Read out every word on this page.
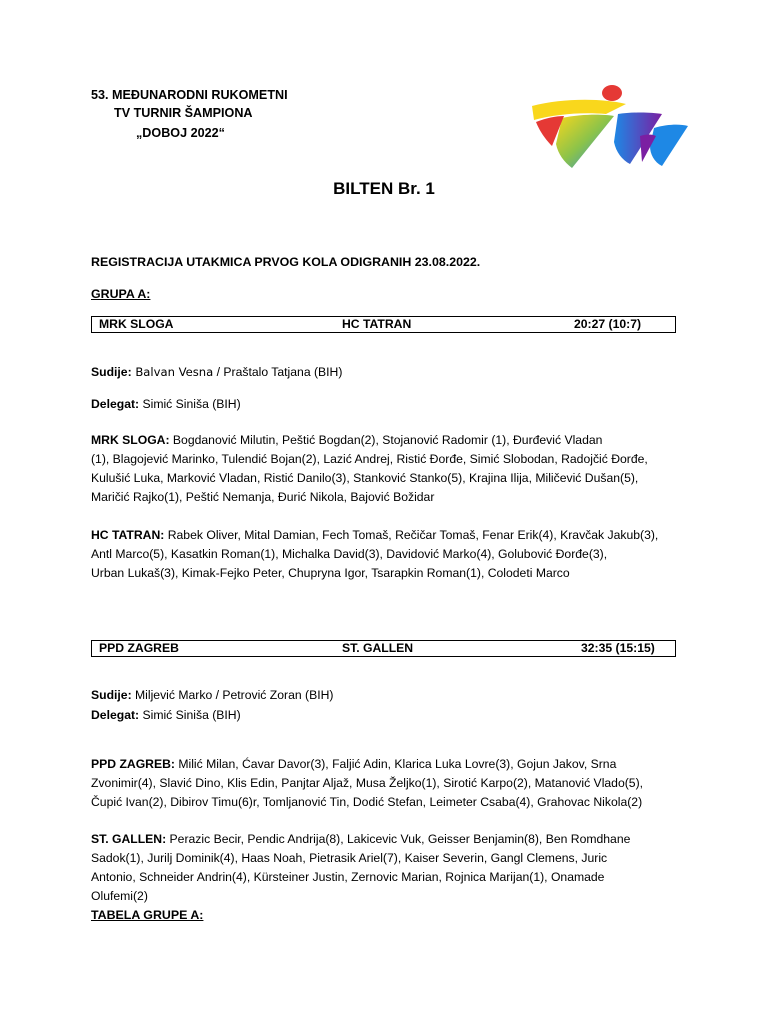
53. MEĐUNARODNI RUKOMETNI
TV TURNIR ŠAMPIONA
„DOBOJ 2022“
BILTEN Br. 1
REGISTRACIJA UTAKMICA PRVOG KOLA ODIGRANIH 23.08.2022.
GRUPA A:
MRK SLOGA	HC TATRAN	20:27 (10:7)
Sudije: Balvan Vesna / Praštalo Tatjana (BIH)
Delegat: Simić Siniša (BIH)
MRK SLOGA: Bogdanović Milutin, Peštić Bogdan(2), Stojanović Radomir (1), Đurđević Vladan
(1), Blagojević Marinko, Tulendić Bojan(2), Lazić Andrej, Ristić Đorđe, Simić Slobodan, Radojčić Đorđe,
Kulušić Luka, Marković Vladan, Ristić Danilo(3), Stanković Stanko(5), Krajina Ilija, Miličević Dušan(5),
Maričić Rajko(1), Peštić Nemanja, Đurić Nikola, Bajović Božidar
HC TATRAN: Rabek Oliver, Mital Damian, Fech Tomaš, Rečičar Tomaš, Fenar Erik(4), Kravčak Jakub(3),
Antl Marco(5), Kasatkin Roman(1), Michalka David(3), Davidović Marko(4), Golubović Đorđe(3),
Urban Lukaš(3), Kimak-Fejko Peter, Chupryna Igor, Tsarapkin Roman(1), Colodeti Marco
PPD ZAGREB	ST. GALLEN	32:35 (15:15)
Sudije: Miljević Marko / Petrović Zoran (BIH)
Delegat: Simić Siniša (BIH)
PPD ZAGREB: Milić Milan, Ćavar Davor(3), Faljić Adin, Klarica Luka Lovre(3), Gojun Jakov, Srna
Zvonimir(4), Slavić Dino, Klis Edin, Panjtar Aljaž, Musa Željko(1), Sirotić Karpo(2), Matanović Vlado(5),
Čupić Ivan(2), Dibirov Timu(6)r, Tomljanović Tin, Dodić Stefan, Leimeter Csaba(4), Grahovac Nikola(2)
ST. GALLEN: Perazic Becir, Pendic Andrija(8), Lakicevic Vuk, Geisser Benjamin(8), Ben Romdhane
Sadok(1), Jurilj Dominik(4), Haas Noah, Pietrasik Ariel(7), Kaiser Severin, Gangl Clemens, Juric
Antonio, Schneider Andrin(4), Kürsteiner Justin, Zernovic Marian, Rojnica Marijan(1), Onamade
Olufemi(2)
TABELA GRUPE A:
